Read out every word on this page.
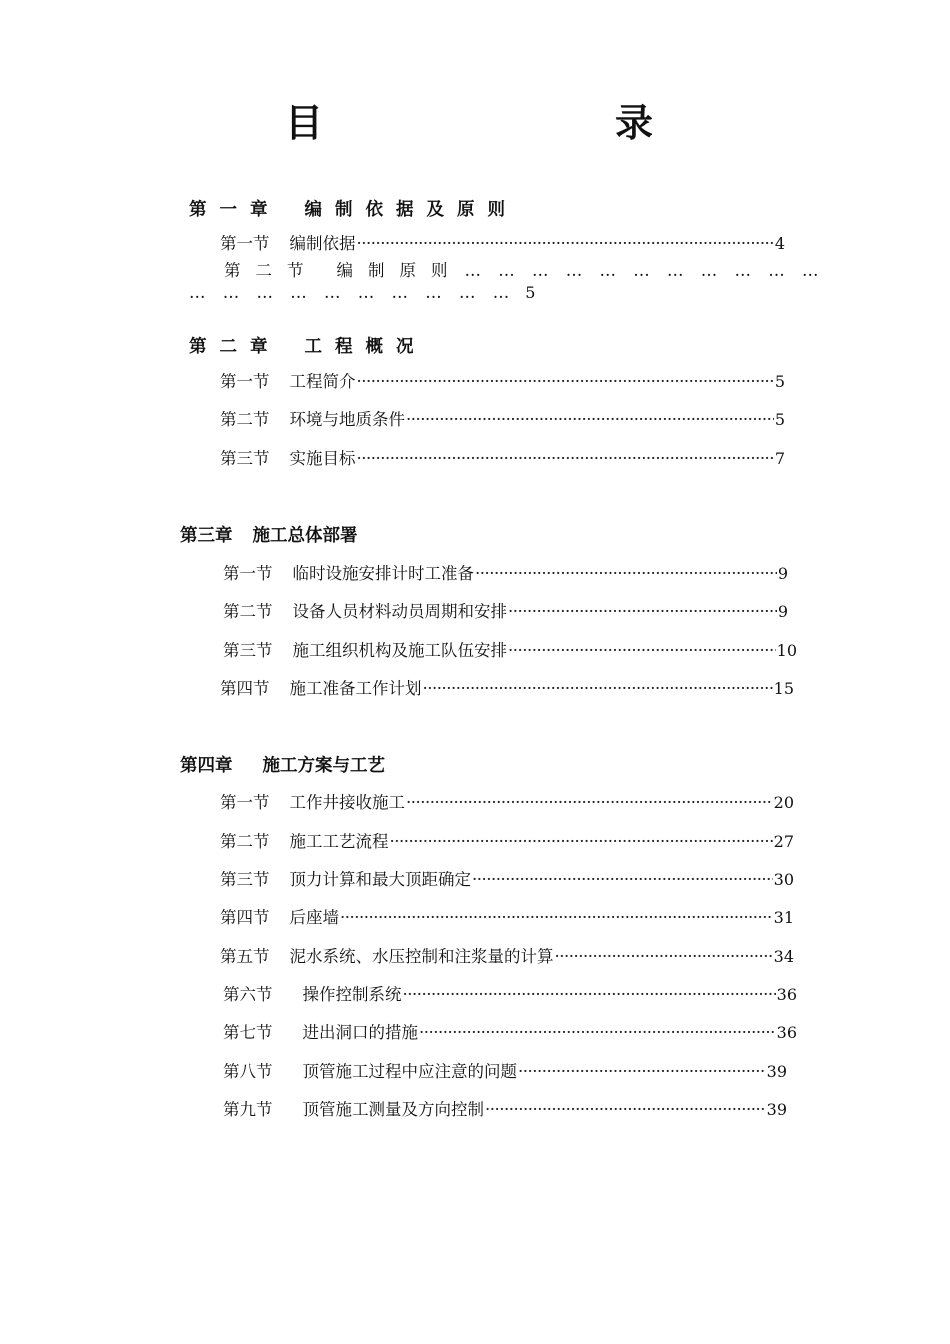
目　　录
第一章 编制依据及原则
第一节 编制依据 ·····	4
第二节 编制原则 … … … … … … … … … … …
… … … … … … … … … … 5
第二章 工程概况
第一节 工程简介 ·····	5
第二节 环境与地质条件 ·····	5
第三节 实施目标 ·····	7
第三章 施工总体部署
第一节 临时设施安排计时工准备 ·····	9
第二节 设备人员材料动员周期和安排 ·····	9
第三节 施工组织机构及施工队伍安排 ·····	10
第四节 施工准备工作计划 ·····	15
第四章 施工方案与工艺
第一节 工作井接收施工 ·····	20
第二节 施工工艺流程 ·····	27
第三节 顶力计算和最大顶距确定 ·····	30
第四节 后座墙 ·····	31
第五节 泥水系统、水压控制和注浆量的计算 ·····	34
第六节 操作控制系统 ·····	36
第七节 进出洞口的措施 ·····	36
第八节 顶管施工过程中应注意的问题 ·····	39
第九节 顶管施工测量及方向控制 ·····	39
